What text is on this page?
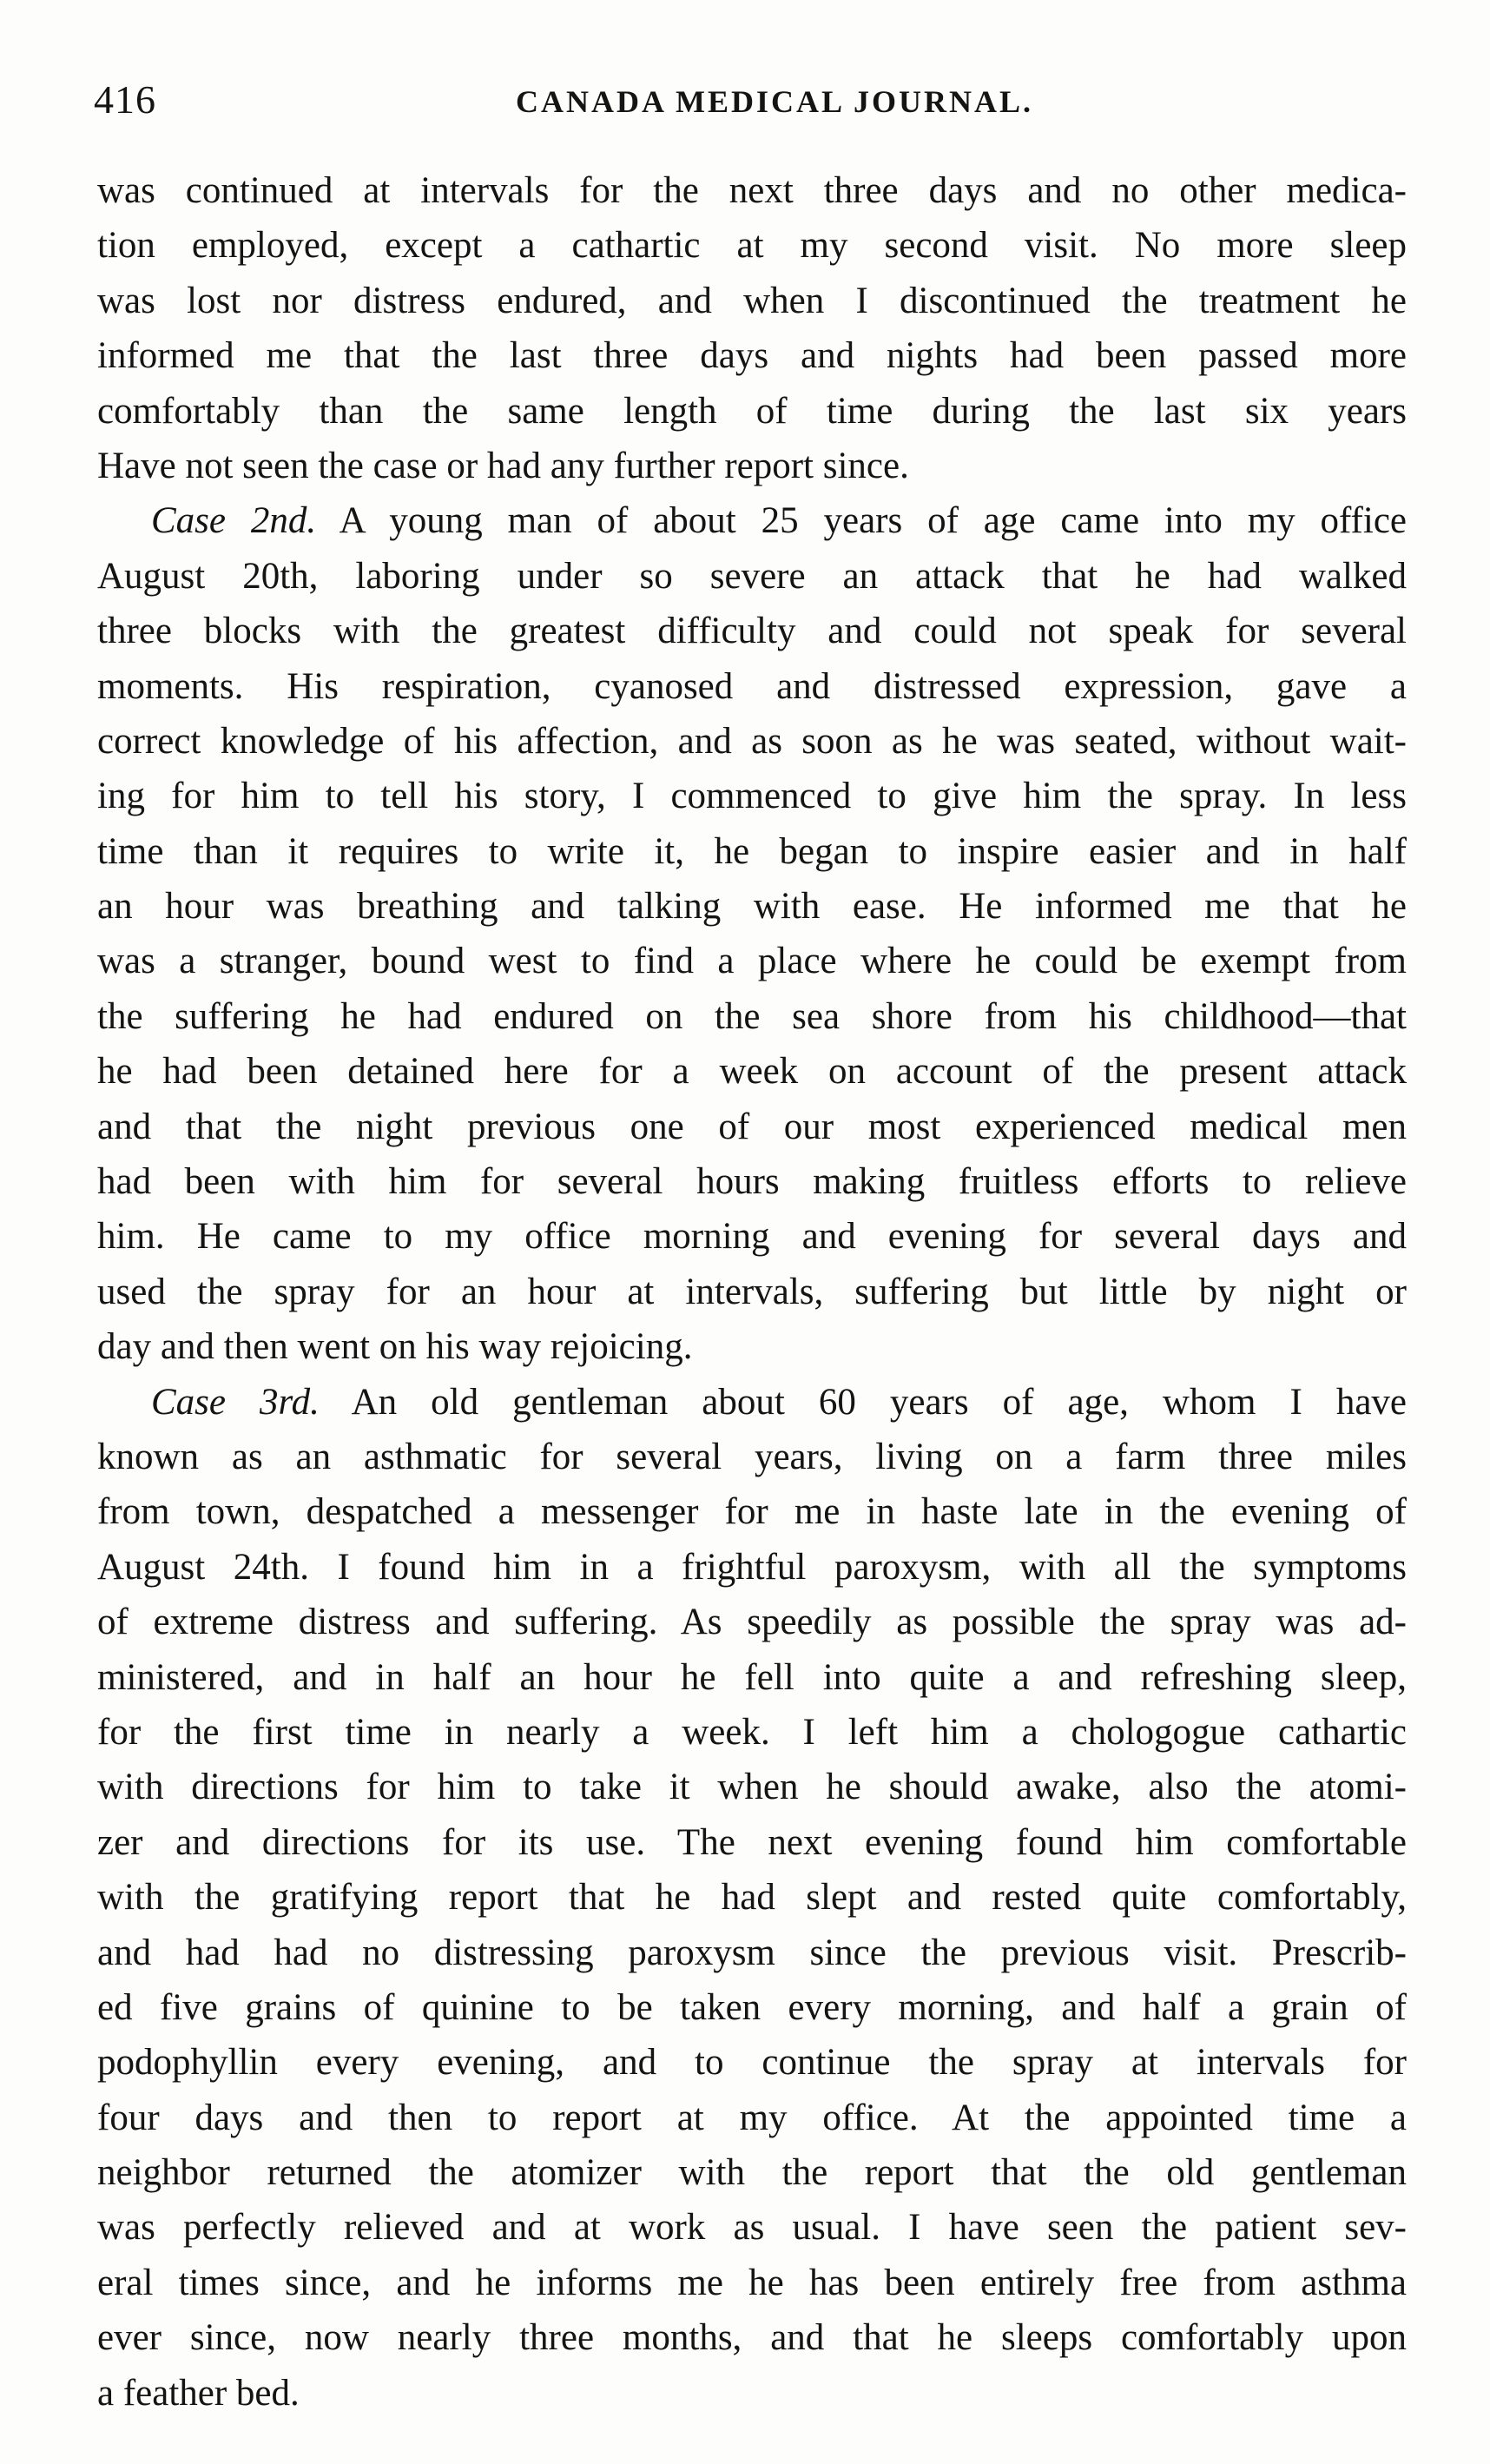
416	CANADA MEDICAL JOURNAL.
was continued at intervals for the next three days and no other medica-
tion employed, except a cathartic at my second visit. No more sleep
was lost nor distress endured, and when I discontinued the treatment he
informed me that the last three days and nights had been passed more
comfortably than the same length of time during the last six years
Have not seen the case or had any further report since.
Case 2nd. A young man of about 25 years of age came into my office
August 20th, laboring under so severe an attack that he had walked
three blocks with the greatest difficulty and could not speak for several
moments. His respiration, cyanosed and distressed expression, gave a
correct knowledge of his affection, and as soon as he was seated, without wait-
ing for him to tell his story, I commenced to give him the spray. In less
time than it requires to write it, he began to inspire easier and in half
an hour was breathing and talking with ease. He informed me that he
was a stranger, bound west to find a place where he could be exempt from
the suffering he had endured on the sea shore from his childhood—that
he had been detained here for a week on account of the present attack
and that the night previous one of our most experienced medical men
had been with him for several hours making fruitless efforts to relieve
him. He came to my office morning and evening for several days and
used the spray for an hour at intervals, suffering but little by night or
day and then went on his way rejoicing.
Case 3rd. An old gentleman about 60 years of age, whom I have
known as an asthmatic for several years, living on a farm three miles
from town, despatched a messenger for me in haste late in the evening of
August 24th. I found him in a frightful paroxysm, with all the symptoms
of extreme distress and suffering. As speedily as possible the spray was ad-
ministered, and in half an hour he fell into quite a and refreshing sleep,
for the first time in nearly a week. I left him a chologogue cathartic
with directions for him to take it when he should awake, also the atomi-
zer and directions for its use. The next evening found him comfortable
with the gratifying report that he had slept and rested quite comfortably,
and had had no distressing paroxysm since the previous visit. Prescrib-
ed five grains of quinine to be taken every morning, and half a grain of
podophyllin every evening, and to continue the spray at intervals for
four days and then to report at my office. At the appointed time a
neighbor returned the atomizer with the report that the old gentleman
was perfectly relieved and at work as usual. I have seen the patient sev-
eral times since, and he informs me he has been entirely free from asthma
ever since, now nearly three months, and that he sleeps comfortably upon
a feather bed.
